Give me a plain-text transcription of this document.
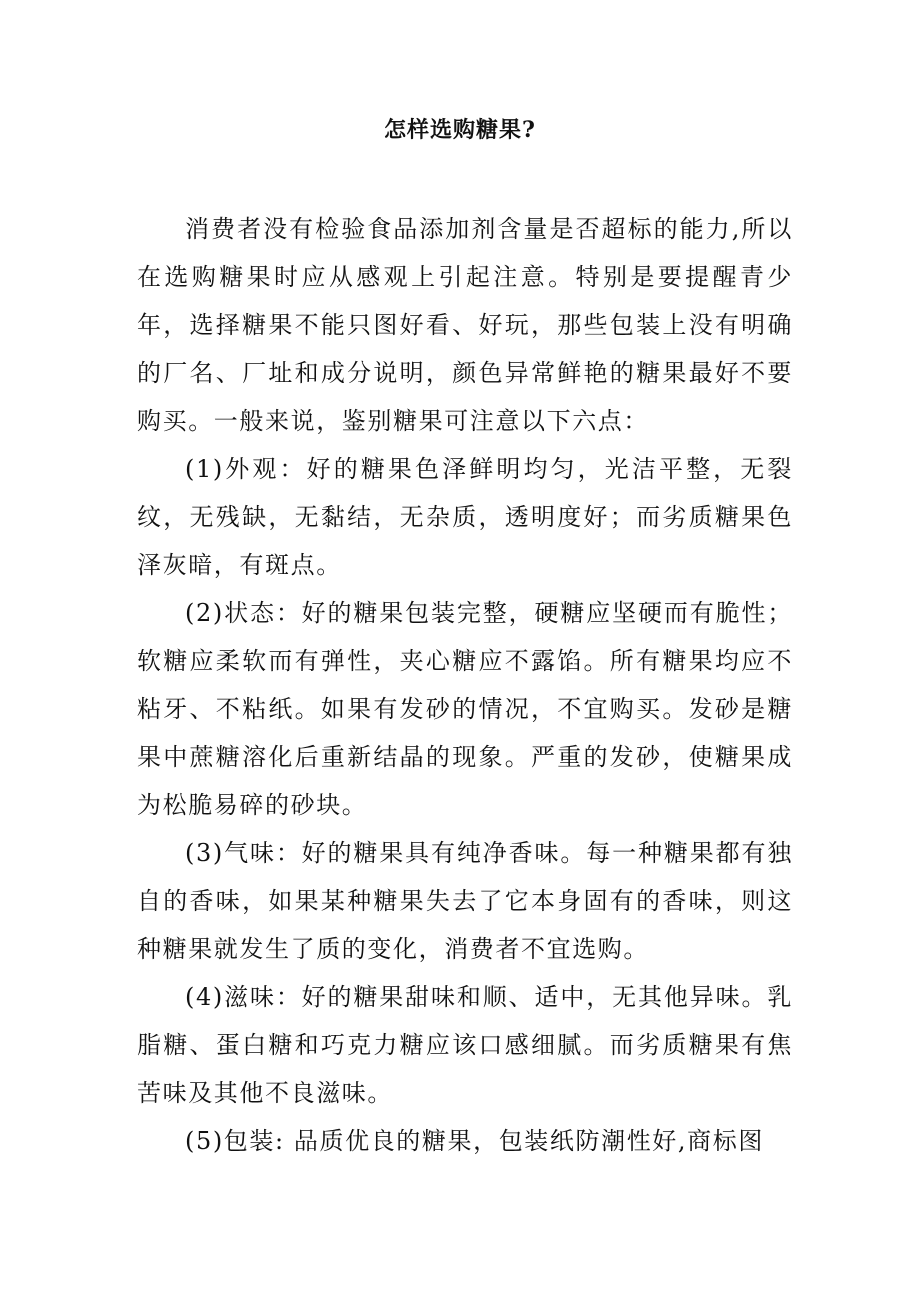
怎样选购糖果?

消费者没有检验食品添加剂含量是否超标的能力,所以在选购糖果时应从感观上引起注意。特别是要提醒青少年，选择糖果不能只图好看、好玩，那些包装上没有明确的厂名、厂址和成分说明，颜色异常鲜艳的糖果最好不要购买。一般来说，鉴别糖果可注意以下六点：

(1)外观：好的糖果色泽鲜明均匀，光洁平整，无裂纹，无残缺，无黏结，无杂质，透明度好；而劣质糖果色泽灰暗，有斑点。

(2)状态：好的糖果包装完整，硬糖应坚硬而有脆性；软糖应柔软而有弹性，夹心糖应不露馅。所有糖果均应不粘牙、不粘纸。如果有发砂的情况，不宜购买。发砂是糖果中蔗糖溶化后重新结晶的现象。严重的发砂，使糖果成为松脆易碎的砂块。

(3)气味：好的糖果具有纯净香味。每一种糖果都有独自的香味，如果某种糖果失去了它本身固有的香味，则这种糖果就发生了质的变化，消费者不宜选购。

(4)滋味：好的糖果甜味和顺、适中，无其他异味。乳脂糖、蛋白糖和巧克力糖应该口感细腻。而劣质糖果有焦苦味及其他不良滋味。

(5)包装: 品质优良的糖果，包装纸防潮性好,商标图
